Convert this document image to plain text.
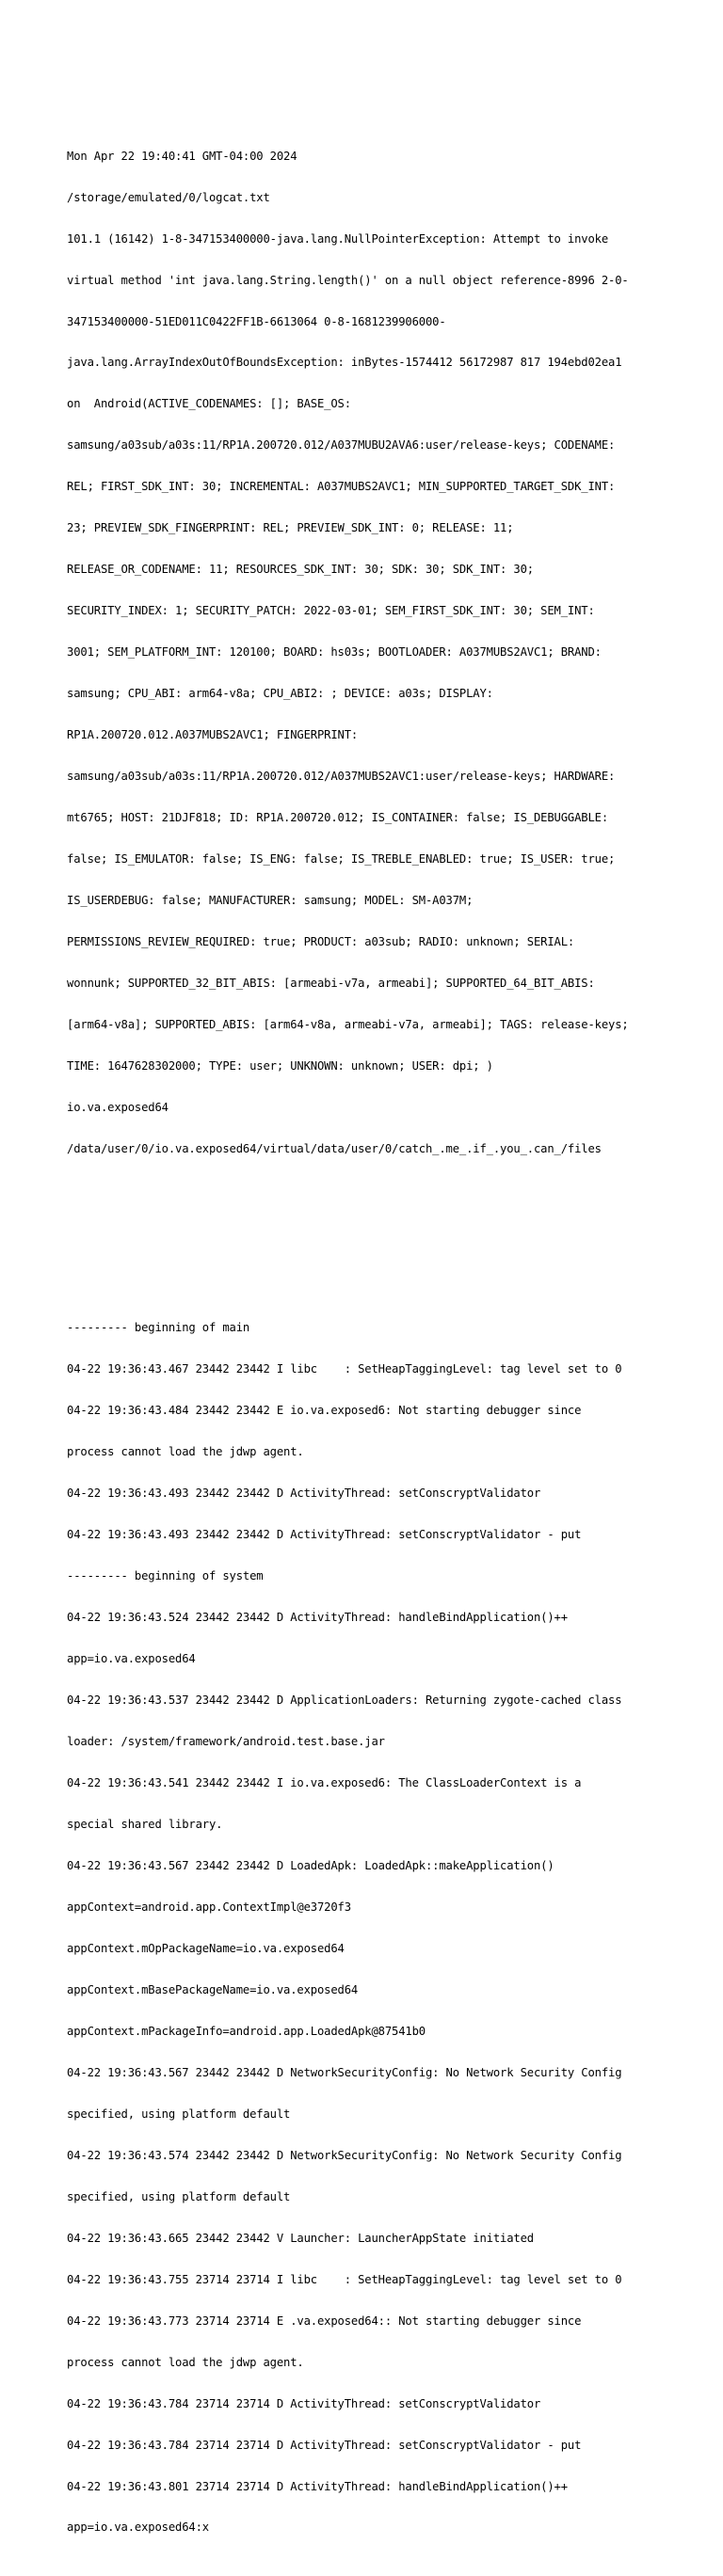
Mon Apr 22 19:40:41 GMT-04:00 2024

/storage/emulated/0/logcat.txt

101.1 (16142) 1-8-347153400000-java.lang.NullPointerException: Attempt to invoke

virtual method 'int java.lang.String.length()' on a null object reference-8996 2-0-

347153400000-51ED011C0422FF1B-6613064 0-8-1681239906000-

java.lang.ArrayIndexOutOfBoundsException: inBytes-1574412 56172987 817 194ebd02ea1

on  Android(ACTIVE_CODENAMES: []; BASE_OS:

samsung/a03sub/a03s:11/RP1A.200720.012/A037MUBU2AVA6:user/release-keys; CODENAME:

REL; FIRST_SDK_INT: 30; INCREMENTAL: A037MUBS2AVC1; MIN_SUPPORTED_TARGET_SDK_INT:

23; PREVIEW_SDK_FINGERPRINT: REL; PREVIEW_SDK_INT: 0; RELEASE: 11;

RELEASE_OR_CODENAME: 11; RESOURCES_SDK_INT: 30; SDK: 30; SDK_INT: 30;

SECURITY_INDEX: 1; SECURITY_PATCH: 2022-03-01; SEM_FIRST_SDK_INT: 30; SEM_INT:

3001; SEM_PLATFORM_INT: 120100; BOARD: hs03s; BOOTLOADER: A037MUBS2AVC1; BRAND:

samsung; CPU_ABI: arm64-v8a; CPU_ABI2: ; DEVICE: a03s; DISPLAY:

RP1A.200720.012.A037MUBS2AVC1; FINGERPRINT:

samsung/a03sub/a03s:11/RP1A.200720.012/A037MUBS2AVC1:user/release-keys; HARDWARE:

mt6765; HOST: 21DJF818; ID: RP1A.200720.012; IS_CONTAINER: false; IS_DEBUGGABLE:

false; IS_EMULATOR: false; IS_ENG: false; IS_TREBLE_ENABLED: true; IS_USER: true;

IS_USERDEBUG: false; MANUFACTURER: samsung; MODEL: SM-A037M;

PERMISSIONS_REVIEW_REQUIRED: true; PRODUCT: a03sub; RADIO: unknown; SERIAL:

wonnunk; SUPPORTED_32_BIT_ABIS: [armeabi-v7a, armeabi]; SUPPORTED_64_BIT_ABIS:

[arm64-v8a]; SUPPORTED_ABIS: [arm64-v8a, armeabi-v7a, armeabi]; TAGS: release-keys;

TIME: 1647628302000; TYPE: user; UNKNOWN: unknown; USER: dpi; )

io.va.exposed64

/data/user/0/io.va.exposed64/virtual/data/user/0/catch_.me_.if_.you_.can_/files

--------- beginning of main

04-22 19:36:43.467 23442 23442 I libc    : SetHeapTaggingLevel: tag level set to 0

04-22 19:36:43.484 23442 23442 E io.va.exposed6: Not starting debugger since

process cannot load the jdwp agent.

04-22 19:36:43.493 23442 23442 D ActivityThread: setConscryptValidator

04-22 19:36:43.493 23442 23442 D ActivityThread: setConscryptValidator - put

--------- beginning of system

04-22 19:36:43.524 23442 23442 D ActivityThread: handleBindApplication()++

app=io.va.exposed64

04-22 19:36:43.537 23442 23442 D ApplicationLoaders: Returning zygote-cached class

loader: /system/framework/android.test.base.jar

04-22 19:36:43.541 23442 23442 I io.va.exposed6: The ClassLoaderContext is a

special shared library.

04-22 19:36:43.567 23442 23442 D LoadedApk: LoadedApk::makeApplication()

appContext=android.app.ContextImpl@e3720f3

appContext.mOpPackageName=io.va.exposed64

appContext.mBasePackageName=io.va.exposed64

appContext.mPackageInfo=android.app.LoadedApk@87541b0

04-22 19:36:43.567 23442 23442 D NetworkSecurityConfig: No Network Security Config

specified, using platform default

04-22 19:36:43.574 23442 23442 D NetworkSecurityConfig: No Network Security Config

specified, using platform default

04-22 19:36:43.665 23442 23442 V Launcher: LauncherAppState initiated

04-22 19:36:43.755 23714 23714 I libc    : SetHeapTaggingLevel: tag level set to 0

04-22 19:36:43.773 23714 23714 E .va.exposed64:: Not starting debugger since

process cannot load the jdwp agent.

04-22 19:36:43.784 23714 23714 D ActivityThread: setConscryptValidator

04-22 19:36:43.784 23714 23714 D ActivityThread: setConscryptValidator - put

04-22 19:36:43.801 23714 23714 D ActivityThread: handleBindApplication()++

app=io.va.exposed64:x
